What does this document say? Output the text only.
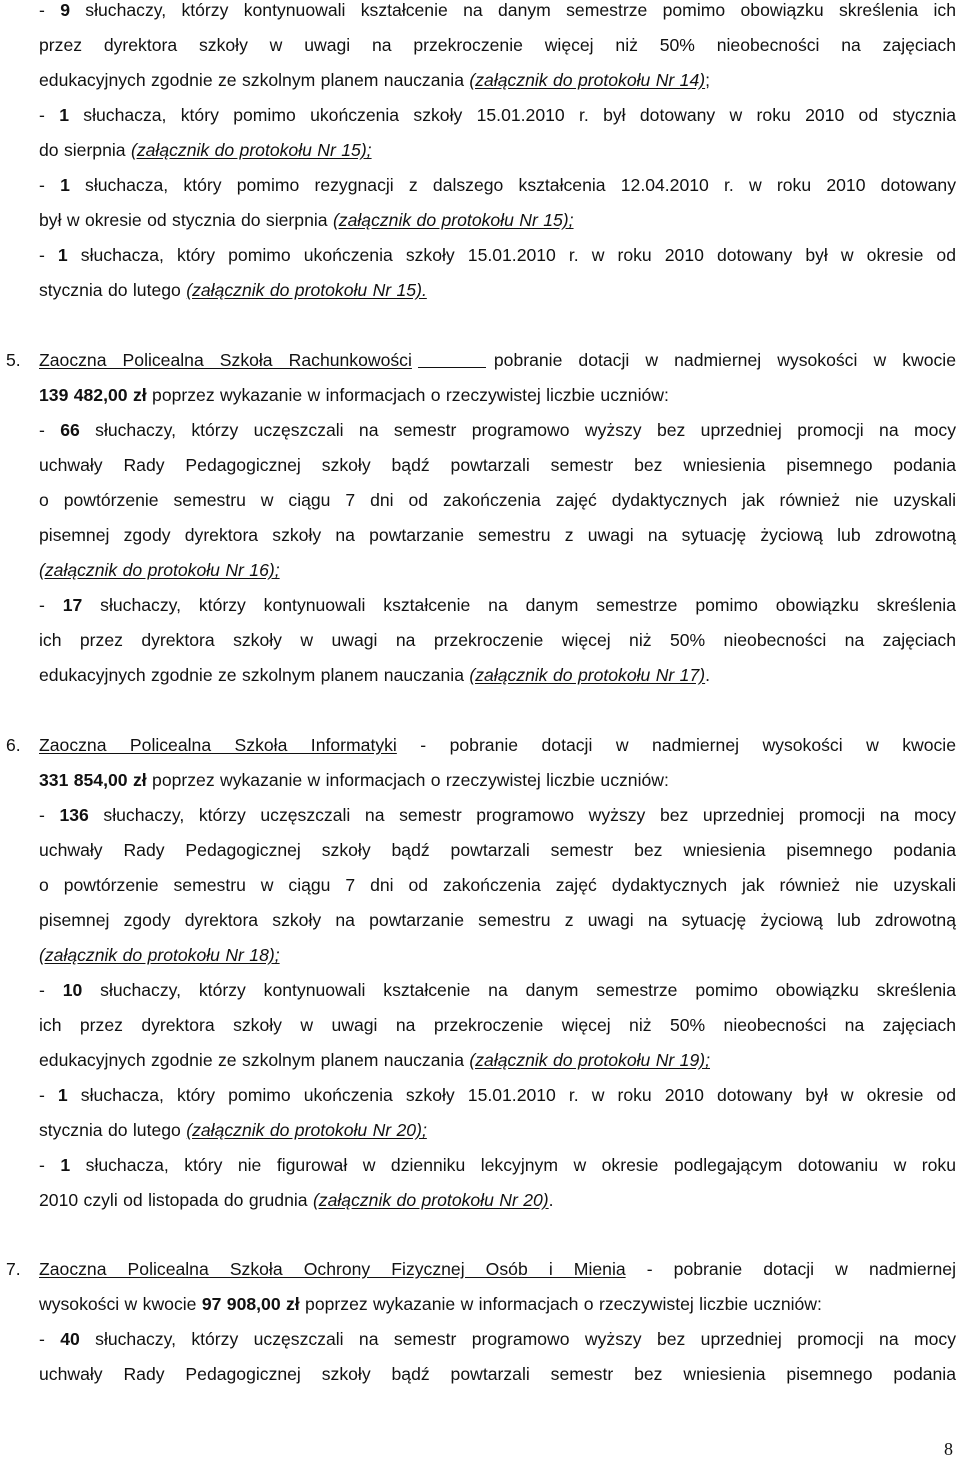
- 9 słuchaczy, którzy kontynuowali kształcenie na danym semestrze pomimo obowiązku skreślenia ich
przez dyrektora szkoły w uwagi na przekroczenie więcej niż 50% nieobecności na zajęciach
edukacyjnych zgodnie ze szkolnym planem nauczania (załącznik do protokołu Nr 14);
- 1 słuchacza, który pomimo ukończenia szkoły 15.01.2010 r. był dotowany w roku 2010 od stycznia
do sierpnia (załącznik do protokołu Nr 15);
- 1 słuchacza, który pomimo rezygnacji z dalszego kształcenia 12.04.2010 r. w roku 2010 dotowany
był w okresie od stycznia do sierpnia (załącznik do protokołu Nr 15);
- 1 słuchacza, który pomimo ukończenia szkoły 15.01.2010 r. w roku 2010 dotowany był w okresie od
stycznia do lutego (załącznik do protokołu Nr 15).
5. Zaoczna Policealna Szkoła Rachunkowości	pobranie dotacji w nadmiernej wysokości w kwocie
139 482,00 zł poprzez wykazanie w informacjach o rzeczywistej liczbie uczniów:
- 66 słuchaczy, którzy uczęszczali na semestr programowo wyższy bez uprzedniej promocji na mocy
uchwały Rady Pedagogicznej szkoły bądź powtarzali semestr bez wniesienia pisemnego podania
o powtórzenie semestru w ciągu 7 dni od zakończenia zajęć dydaktycznych jak również nie uzyskali
pisemnej zgody dyrektora szkoły na powtarzanie semestru z uwagi na sytuację życiową lub zdrowotną
(załącznik do protokołu Nr 16);
- 17 słuchaczy, którzy kontynuowali kształcenie na danym semestrze pomimo obowiązku skreślenia
ich przez dyrektora szkoły w uwagi na przekroczenie więcej niż 50% nieobecności na zajęciach
edukacyjnych zgodnie ze szkolnym planem nauczania (załącznik do protokołu Nr 17).
6. Zaoczna Policealna Szkoła Informatyki - pobranie dotacji w nadmiernej wysokości w kwocie
331 854,00 zł poprzez wykazanie w informacjach o rzeczywistej liczbie uczniów:
- 136 słuchaczy, którzy uczęszczali na semestr programowo wyższy bez uprzedniej promocji na mocy
uchwały Rady Pedagogicznej szkoły bądź powtarzali semestr bez wniesienia pisemnego podania
o powtórzenie semestru w ciągu 7 dni od zakończenia zajęć dydaktycznych jak również nie uzyskali
pisemnej zgody dyrektora szkoły na powtarzanie semestru z uwagi na sytuację życiową lub zdrowotną
(załącznik do protokołu Nr 18);
- 10 słuchaczy, którzy kontynuowali kształcenie na danym semestrze pomimo obowiązku skreślenia
ich przez dyrektora szkoły w uwagi na przekroczenie więcej niż 50% nieobecności na zajęciach
edukacyjnych zgodnie ze szkolnym planem nauczania (załącznik do protokołu Nr 19);
- 1 słuchacza, który pomimo ukończenia szkoły 15.01.2010 r. w roku 2010 dotowany był w okresie od
stycznia do lutego (załącznik do protokołu Nr 20);
- 1 słuchacza, który nie figurował w dzienniku lekcyjnym w okresie podlegającym dotowaniu w roku
2010 czyli od listopada do grudnia (załącznik do protokołu Nr 20).
7. Zaoczna Policealna Szkoła Ochrony Fizycznej Osób i Mienia - pobranie dotacji w nadmiernej
wysokości w kwocie 97 908,00 zł poprzez wykazanie w informacjach o rzeczywistej liczbie uczniów:
- 40 słuchaczy, którzy uczęszczali na semestr programowo wyższy bez uprzedniej promocji na mocy
uchwały Rady Pedagogicznej szkoły bądź powtarzali semestr bez wniesienia pisemnego podania
8
